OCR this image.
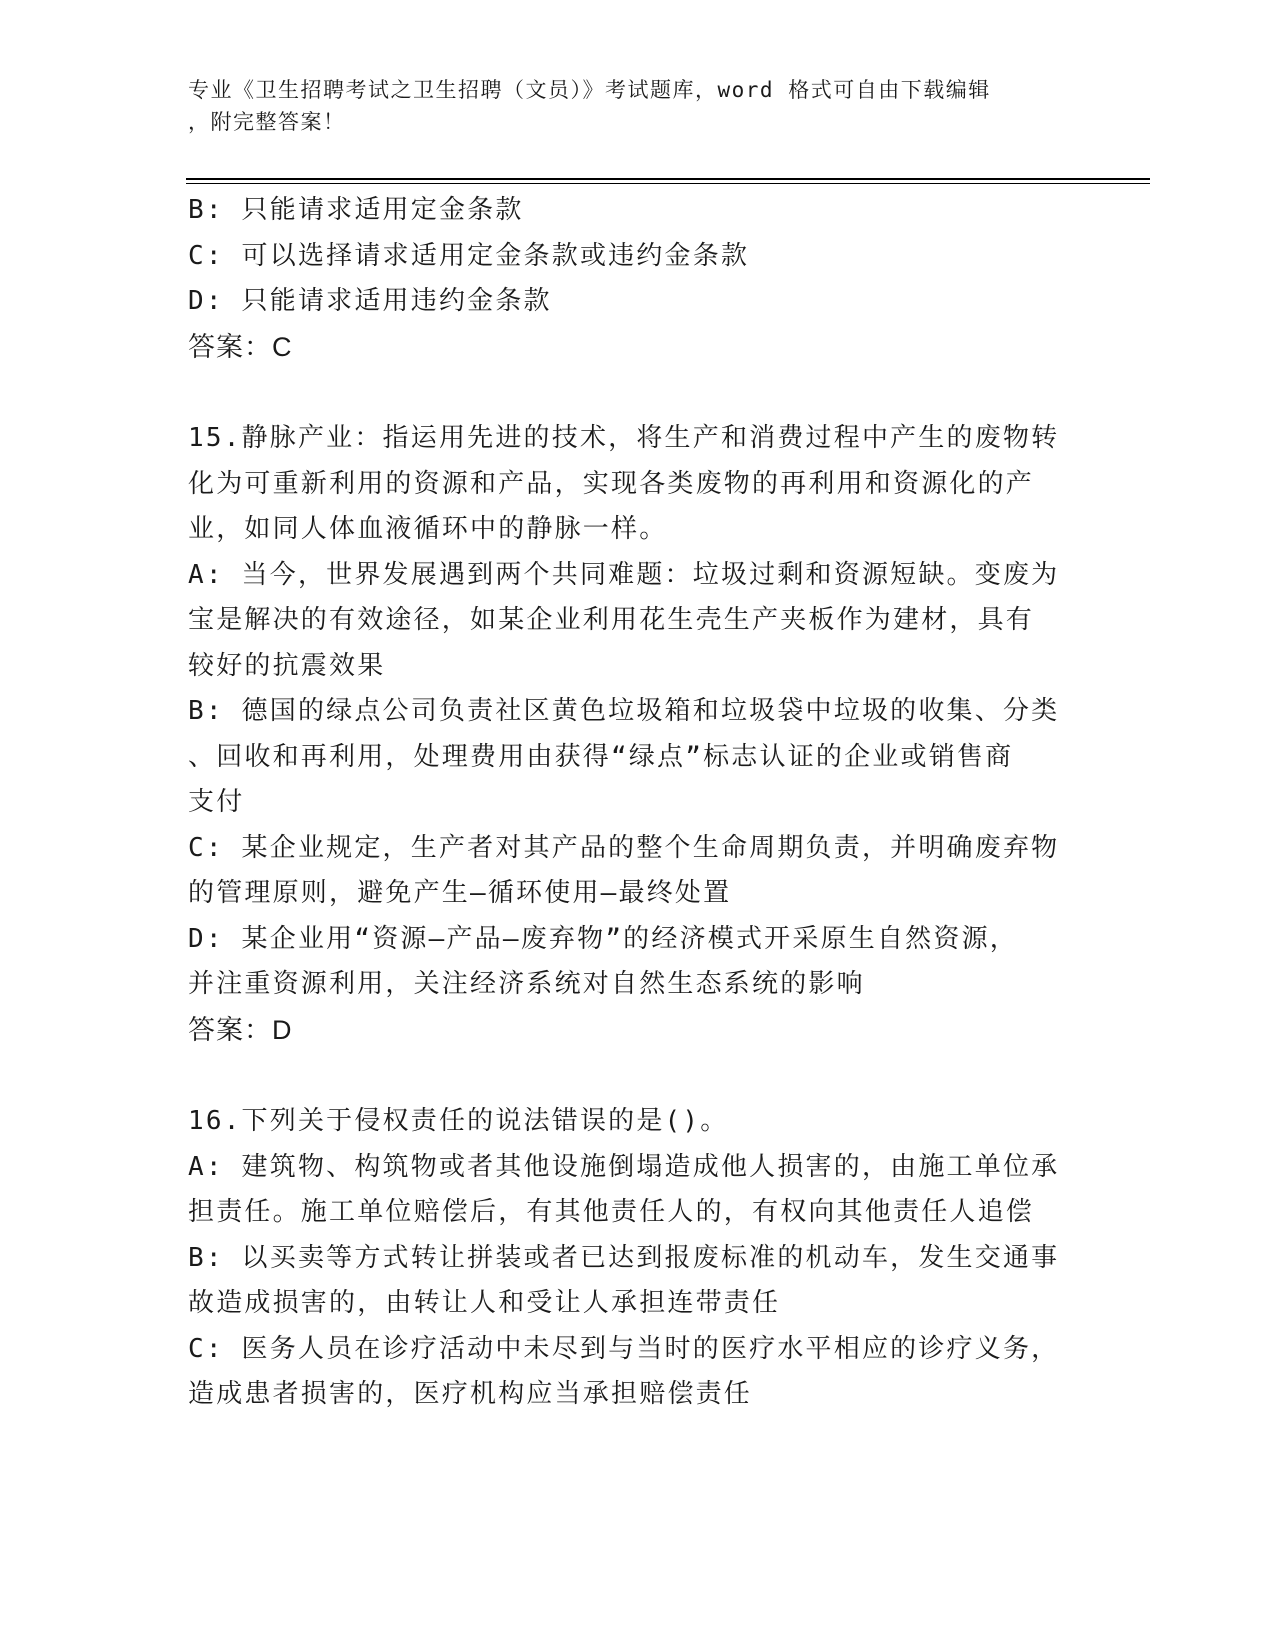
专业《卫生招聘考试之卫生招聘（文员）》考试题库，word 格式可自由下载编辑
，附完整答案！

B: 只能请求适用定金条款

C: 可以选择请求适用定金条款或违约金条款

D: 只能请求适用违约金条款

答案：C

15.静脉产业：指运用先进的技术，将生产和消费过程中产生的废物转

化为可重新利用的资源和产品，实现各类废物的再利用和资源化的产

业，如同人体血液循环中的静脉一样。

A: 当今，世界发展遇到两个共同难题：垃圾过剩和资源短缺。变废为

宝是解决的有效途径，如某企业利用花生壳生产夹板作为建材，具有

较好的抗震效果

B: 德国的绿点公司负责社区黄色垃圾箱和垃圾袋中垃圾的收集、分类

、回收和再利用，处理费用由获得“绿点”标志认证的企业或销售商

支付

C: 某企业规定，生产者对其产品的整个生命周期负责，并明确废弃物

的管理原则，避免产生—循环使用—最终处置

D: 某企业用“资源—产品—废弃物”的经济模式开采原生自然资源，

并注重资源利用，关注经济系统对自然生态系统的影响

答案：D

16.下列关于侵权责任的说法错误的是()。

A: 建筑物、构筑物或者其他设施倒塌造成他人损害的，由施工单位承

担责任。施工单位赔偿后，有其他责任人的，有权向其他责任人追偿

B: 以买卖等方式转让拼装或者已达到报废标准的机动车，发生交通事

故造成损害的，由转让人和受让人承担连带责任

C: 医务人员在诊疗活动中未尽到与当时的医疗水平相应的诊疗义务，

造成患者损害的，医疗机构应当承担赔偿责任
